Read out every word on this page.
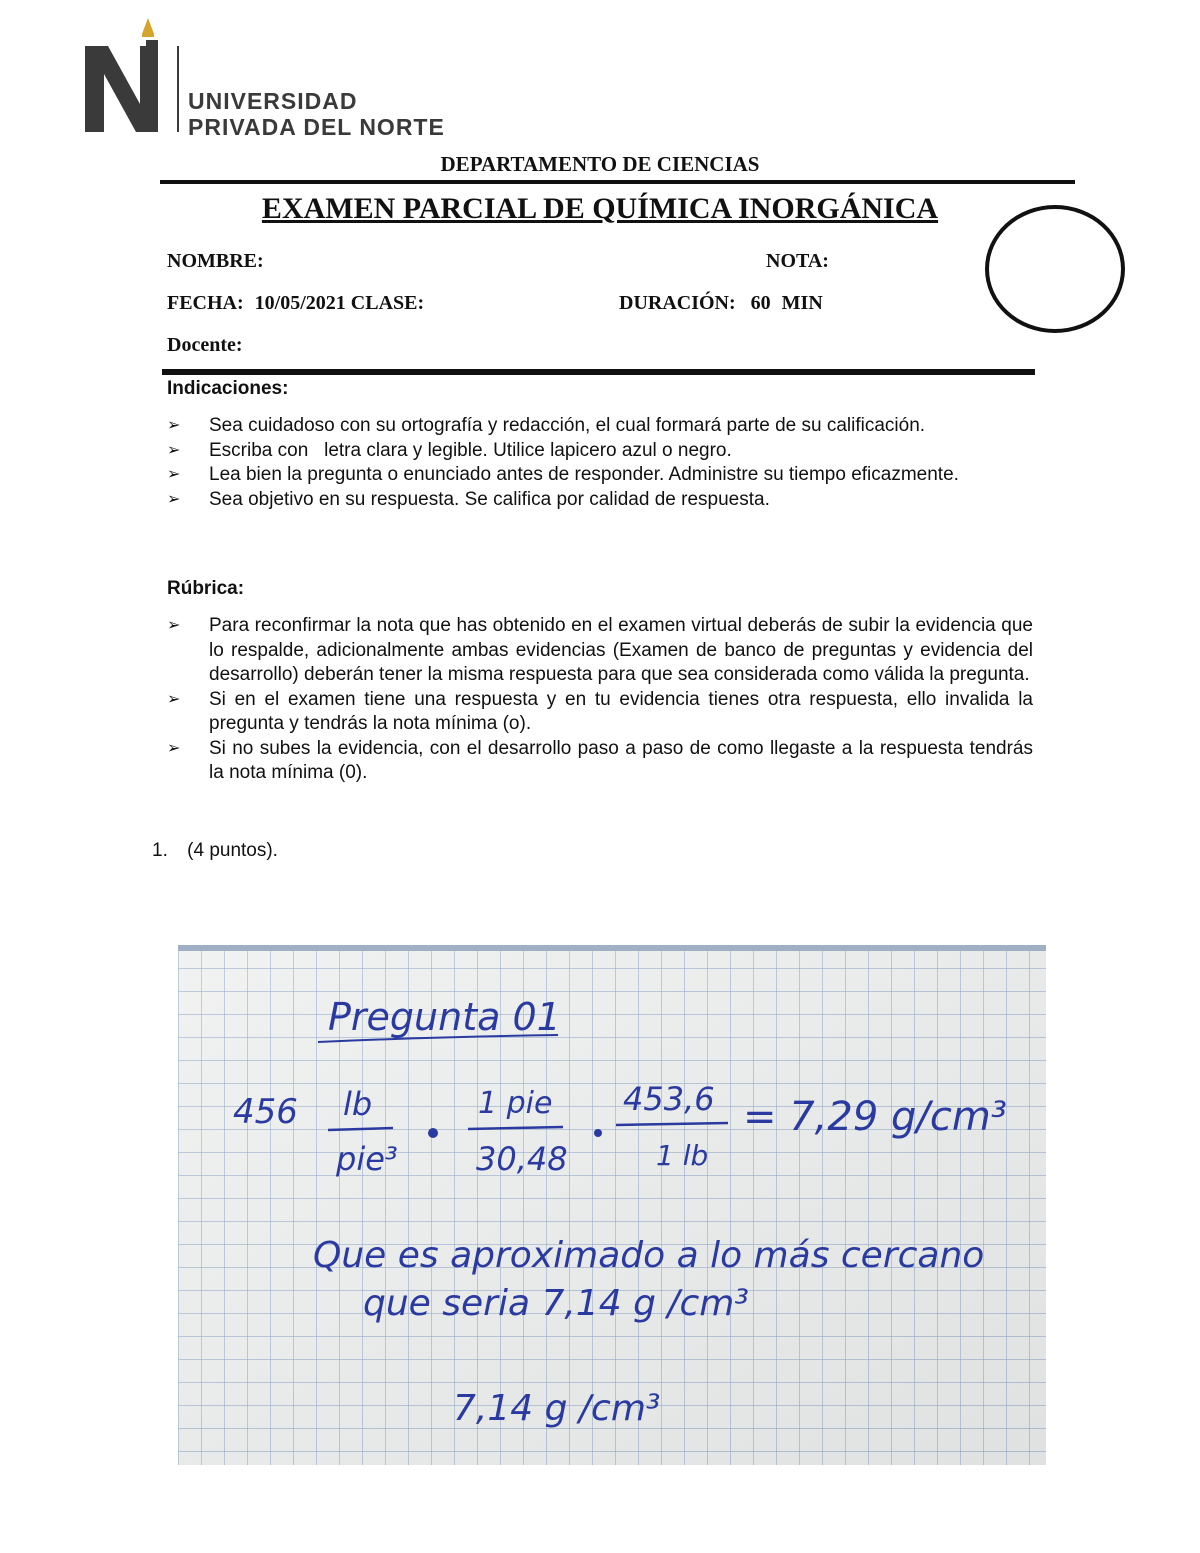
UNIVERSIDAD
PRIVADA DEL NORTE
DEPARTAMENTO DE CIENCIAS
EXAMEN PARCIAL DE QUÍMICA INORGÁNICA
NOMBRE:	NOTA:
FECHA: 10/05/2021 CLASE:	DURACIÓN: 60 MIN
Docente:
Indicaciones:
➢ Sea cuidadoso con su ortografía y redacción, el cual formará parte de su calificación.
➢ Escriba con   letra clara y legible. Utilice lapicero azul o negro.
➢ Lea bien la pregunta o enunciado antes de responder. Administre su tiempo eficazmente.
➢ Sea objetivo en su respuesta. Se califica por calidad de respuesta.
Rúbrica:
➢ Para reconfirmar la nota que has obtenido en el examen virtual deberás de subir la evidencia que lo respalde, adicionalmente ambas evidencias (Examen de banco de preguntas y evidencia del desarrollo) deberán tener la misma respuesta para que sea considerada como válida la pregunta.
➢ Si en el examen tiene una respuesta y en tu evidencia tienes otra respuesta, ello invalida la pregunta y tendrás la nota mínima (o).
➢ Si no subes la evidencia, con el desarrollo paso a paso de como llegaste a la respuesta tendrás la nota mínima (0).
1. (4 puntos).
Pregunta 01
456 lb
pie³
1 pie
30,48
453,6
1 lb
= 7,29 g/cm³
Que es aproximado a lo más cercano
que seria 7,14 g /cm³
7,14 g /cm³
